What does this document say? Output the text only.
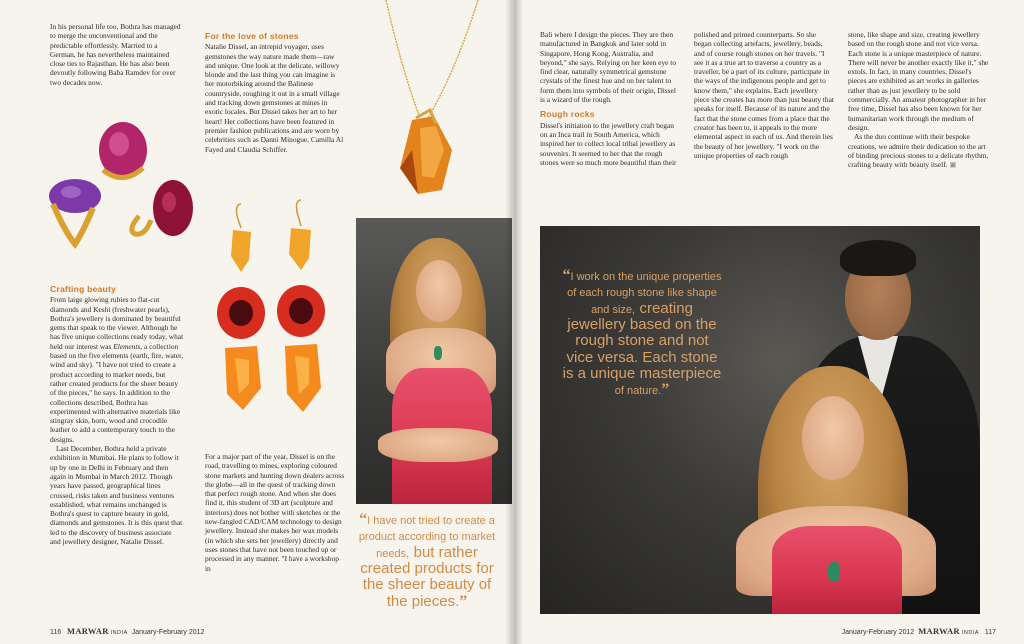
In his personal life too, Bothra has managed to merge the unconventional and the predictable effortlessly. Married to a German, he has nevertheless maintained close ties to Rajasthan. He has also been devoutly following Baba Ramdev for over two decades now.

Crafting beauty

From large glowing rubies to flat-cut diamonds and Keshi (freshwater pearls), Bothra's jewellery is dominated by beautiful gems that speak to the viewer. Although he has five unique collections ready today, what held our interest was Elements, a collection based on the five elements (earth, fire, water, wind and sky). "I have not tried to create a product according to market needs, but rather created products for the sheer beauty of the pieces," he says. In addition to the collections described, Bothra has experimented with alternative materials like stingray skin, horn, wood and crocodile leather to add a contemporary touch to the designs.

Last December, Bothra held a private exhibition in Mumbai. He plans to follow it up by one in Delhi in February and then again in Mumbai in March 2012. Though years have passed, geographical lines crossed, risks taken and business ventures established, what remains unchanged is Bothra's quest to capture beauty in gold, diamonds and gemstones. It is this quest that led to the discovery of business associate and jewellery designer, Natalie Dissel.

For the love of stones

Natalie Dissel, an intrepid voyager, uses gemstones the way nature made them—raw and unique. One look at the delicate, willowy blonde and the last thing you can imagine is her motorbiking around the Balinese countryside, roughing it out in a small village and tracking down gemstones at mines in exotic locales. But Dissel takes her art to her heart! Her collections have been featured in premier fashion publications and are worn by celebrities such as Danni Minogue, Camilla Al Fayed and Claudia Schiffer.

For a major part of the year, Dissel is on the road, travelling to mines, exploring coloured stone markets and hunting down dealers across the globe—all in the quest of tracking down that perfect rough stone. And when she does find it, this student of 3D art (sculpture and interiors) does not bother with sketches or the new-fangled CAD/CAM technology to design jewellery. Instead she makes her wax models (in which she sets her jewellery) directly and uses stones that have not been touched up or processed in any manner. "I have a workshop in

“I have not tried to create a product according to market needs, but rather created products for the sheer beauty of the pieces.”
116 MARWAR INDIA January-February 2012

Bali where I design the pieces. They are then manufactured in Bangkok and later sold in Singapore, Hong Kong, Australia, and beyond," she says. Relying on her keen eye to find clear, naturally symmetrical gemstone crystals of the finest hue and on her talent to form them into symbols of their origin, Dissel is a wizard of the rough.

Rough rocks

Dissel's initiation to the jewellery craft began on an Inca trail in South America, which inspired her to collect local tribal jewellery as souvenirs. It seemed to her that the rough stones were so much more beautiful than their

polished and primed counterparts. So she began collecting artefacts, jewellery, beads, and of course rough stones on her travels. "I see it as a true art to traverse a country as a traveller, be a part of its culture, participate in the ways of the indigenous people and get to know them," she explains. Each jewellery piece she creates has more than just beauty that speaks for itself. Because of its nature and the fact that the stone comes from a place that the creator has been to, it appeals to the more elemental aspect in each of us. And therein lies the beauty of her jewellery. "I work on the unique properties of each rough

stone, like shape and size, creating jewellery based on the rough stone and not vice versa. Each stone is a unique masterpiece of nature. There will never be another exactly like it," she extols. In fact, in many countries, Dissel's pieces are exhibited as art works in galleries rather than as just jewellery to be sold commercially. An amateur photographer in her free time, Dissel has also been known for her humanitarian work through the medium of design.

As the duo continue with their bespoke creations, we admire their dedication to the art of binding precious stones to a delicate rhythm, crafting beauty with beauty itself. ▣

“I work on the unique properties of each rough stone like shape and size, creating jewellery based on the rough stone and not vice versa. Each stone is a unique masterpiece of nature.”
January-February 2012 MARWAR INDIA 117
